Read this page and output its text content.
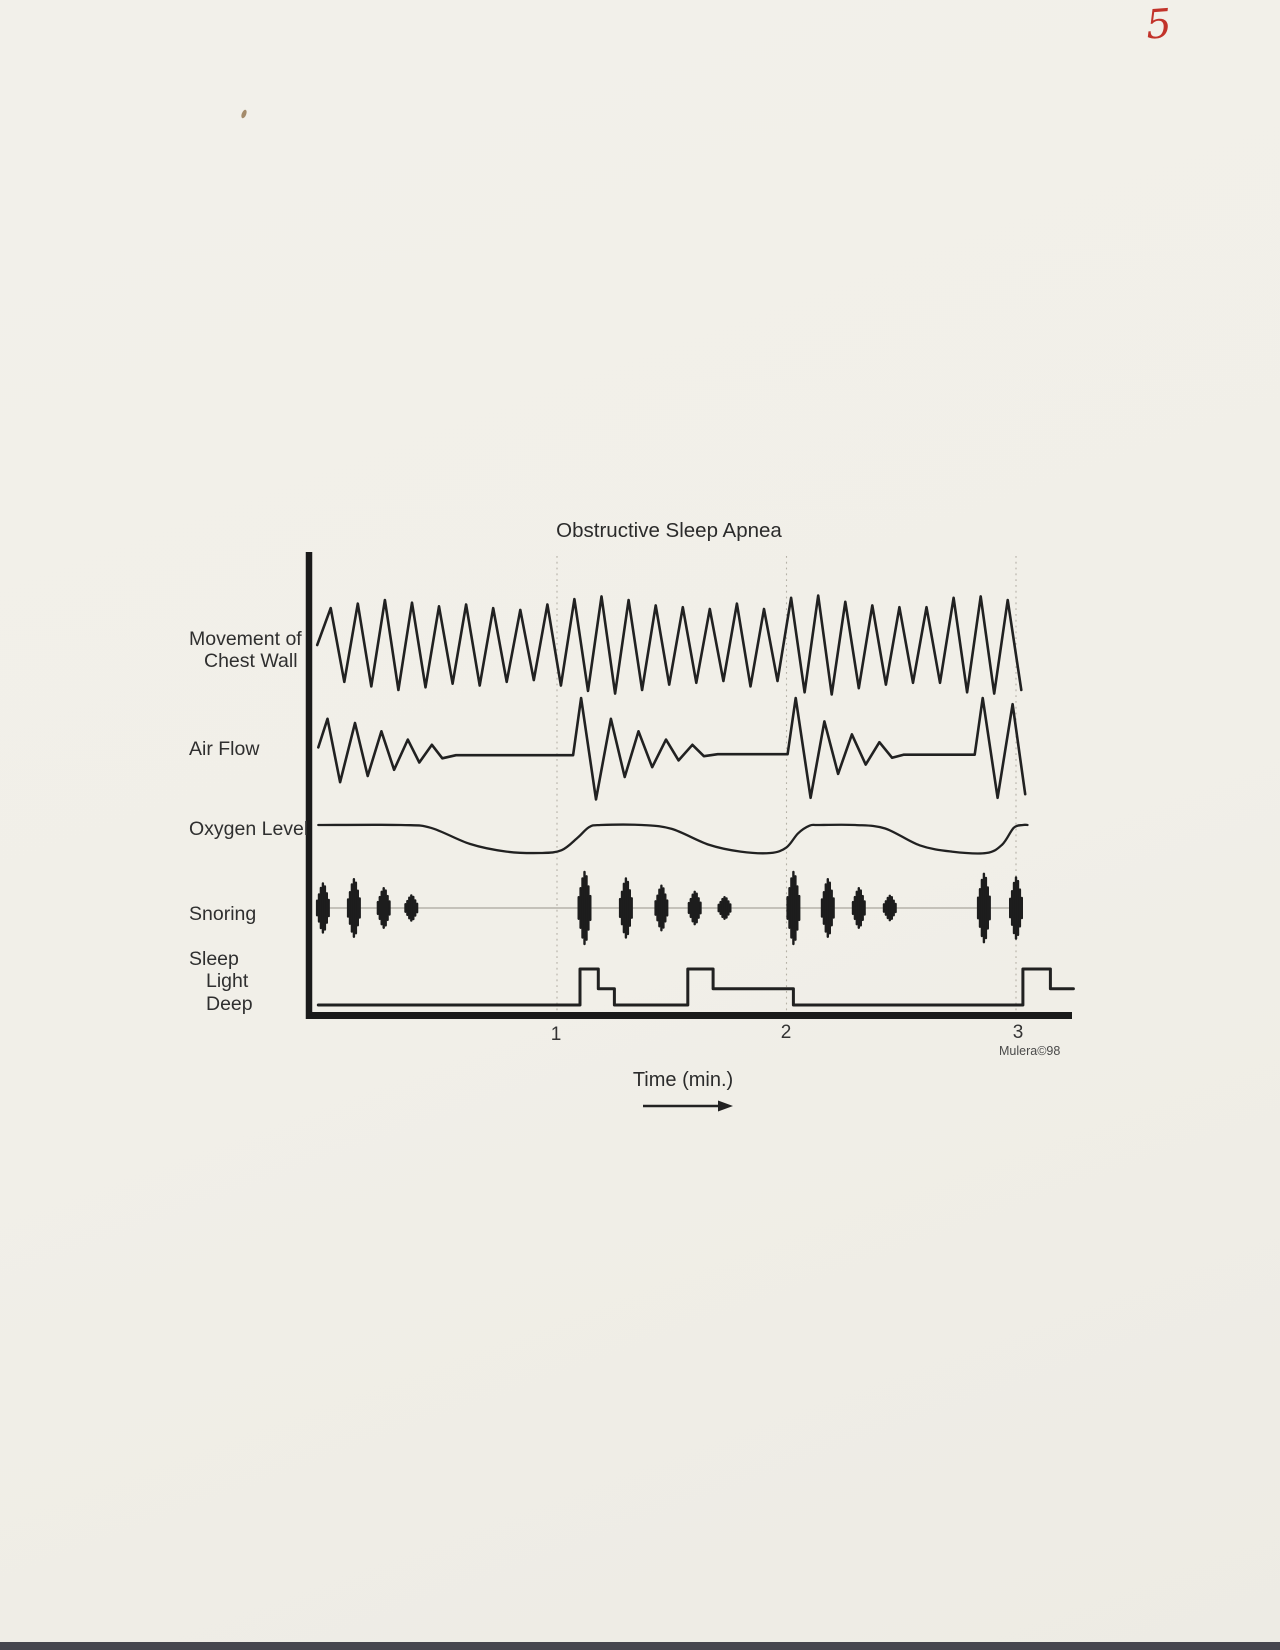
Obstructive Sleep Apnea
Movement of
Chest Wall
Air Flow
Oxygen Level
Snoring
Sleep
Light
Deep
1	2	3
Mulera©98
Time (min.)
5
